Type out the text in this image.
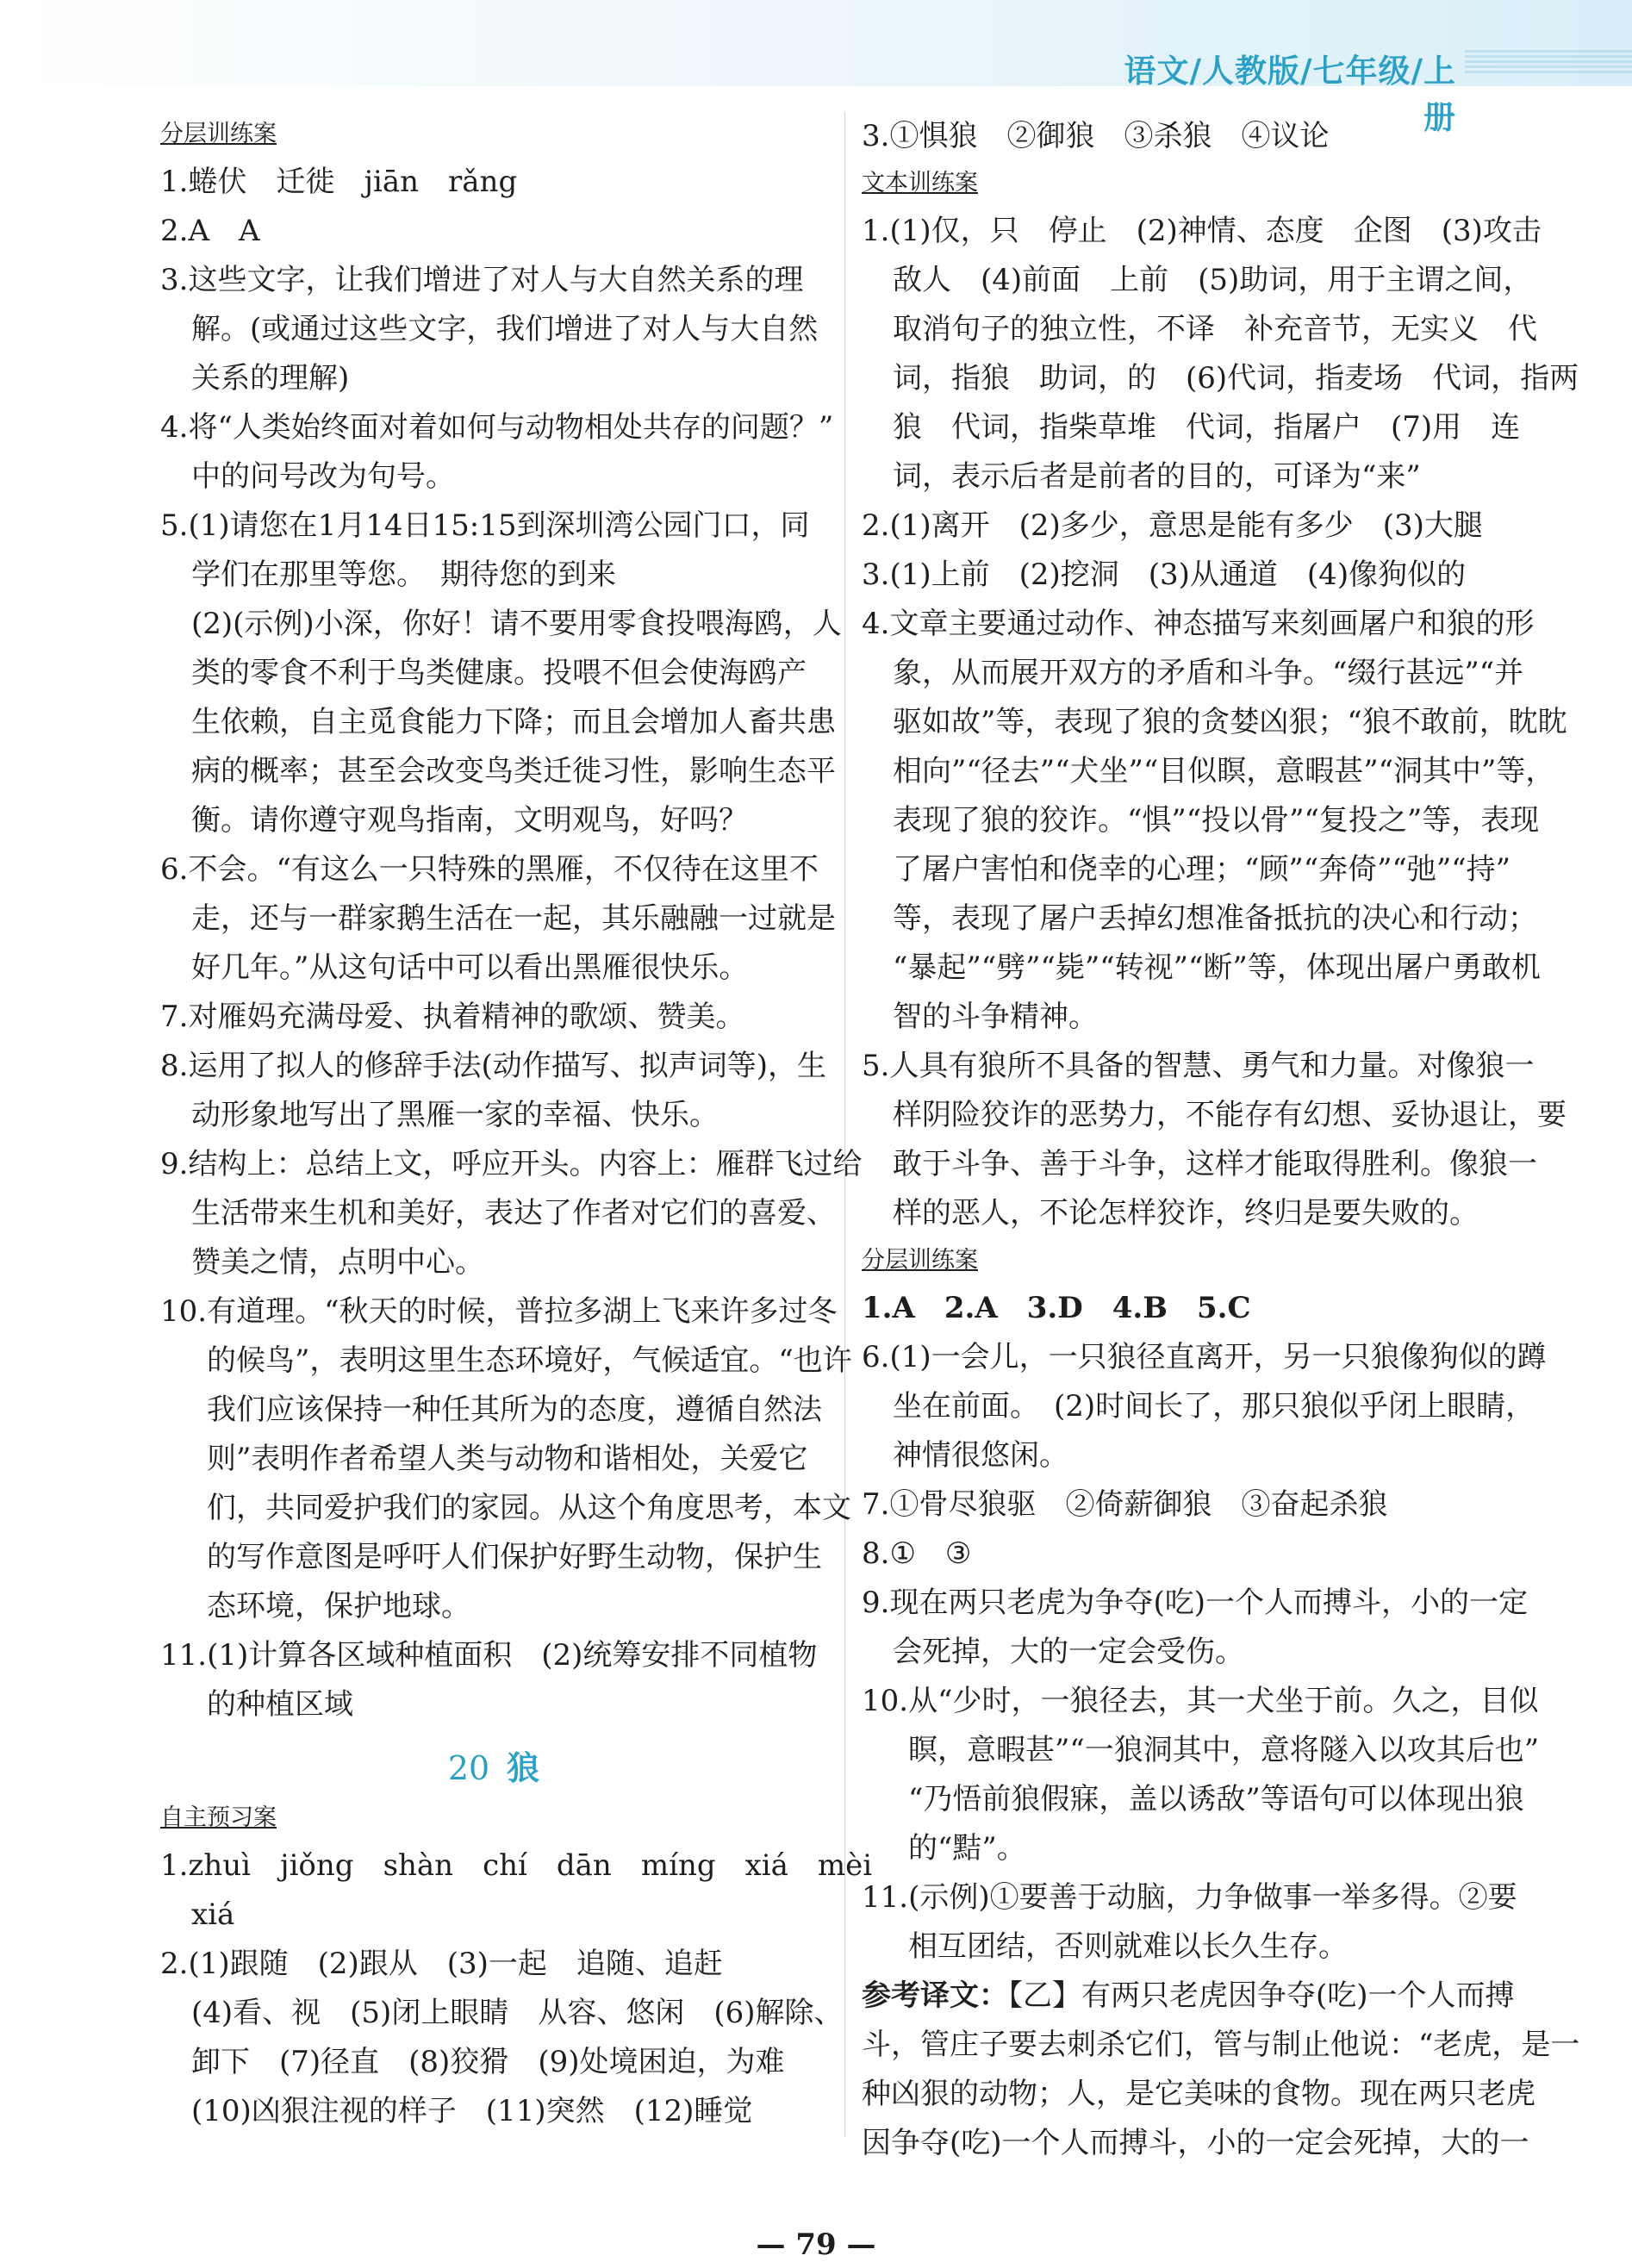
语文/人教版/七年级/上册
分层训练案
1.蜷伏　迁徙　jiān　rǎng
2.A　A
3.这些文字，让我们增进了对人与大自然关系的理
解。(或通过这些文字，我们增进了对人与大自然
关系的理解)
4.将“人类始终面对着如何与动物相处共存的问题？”
中的问号改为句号。
5.(1)请您在1月14日15:15到深圳湾公园门口，同
学们在那里等您。　期待您的到来
(2)(示例)小深，你好！请不要用零食投喂海鸥，人
类的零食不利于鸟类健康。投喂不但会使海鸥产
生依赖，自主觅食能力下降；而且会增加人畜共患
病的概率；甚至会改变鸟类迁徙习性，影响生态平
衡。请你遵守观鸟指南，文明观鸟，好吗？
6.不会。“有这么一只特殊的黑雁，不仅待在这里不
走，还与一群家鹅生活在一起，其乐融融一过就是
好几年。”从这句话中可以看出黑雁很快乐。
7.对雁妈充满母爱、执着精神的歌颂、赞美。
8.运用了拟人的修辞手法(动作描写、拟声词等)，生
动形象地写出了黑雁一家的幸福、快乐。
9.结构上：总结上文，呼应开头。内容上：雁群飞过给
生活带来生机和美好，表达了作者对它们的喜爱、
赞美之情，点明中心。
10.有道理。“秋天的时候，普拉多湖上飞来许多过冬
的候鸟”，表明这里生态环境好，气候适宜。“也许
我们应该保持一种任其所为的态度，遵循自然法
则”表明作者希望人类与动物和谐相处，关爱它
们，共同爱护我们的家园。从这个角度思考，本文
的写作意图是呼吁人们保护好野生动物，保护生
态环境，保护地球。
11.(1)计算各区域种植面积　(2)统筹安排不同植物
的种植区域
20 狼
自主预习案
1.zhuì　jiǒng　shàn　chí　dān　míng　xiá　mèi
xiá
2.(1)跟随　(2)跟从　(3)一起　追随、追赶
(4)看、视　(5)闭上眼睛　从容、悠闲　(6)解除、
卸下　(7)径直　(8)狡猾　(9)处境困迫，为难
(10)凶狠注视的样子　(11)突然　(12)睡觉
3.①惧狼　②御狼　③杀狼　④议论
文本训练案
1.(1)仅，只　停止　(2)神情、态度　企图　(3)攻击
敌人　(4)前面　上前　(5)助词，用于主谓之间，
取消句子的独立性，不译　补充音节，无实义　代
词，指狼　助词，的　(6)代词，指麦场　代词，指两
狼　代词，指柴草堆　代词，指屠户　(7)用　连
词，表示后者是前者的目的，可译为“来”
2.(1)离开　(2)多少，意思是能有多少　(3)大腿
3.(1)上前　(2)挖洞　(3)从通道　(4)像狗似的
4.文章主要通过动作、神态描写来刻画屠户和狼的形
象，从而展开双方的矛盾和斗争。“缀行甚远”“并
驱如故”等，表现了狼的贪婪凶狠；“狼不敢前，眈眈
相向”“径去”“犬坐”“目似瞑，意暇甚”“洞其中”等，
表现了狼的狡诈。“惧”“投以骨”“复投之”等，表现
了屠户害怕和侥幸的心理；“顾”“奔倚”“弛”“持”
等，表现了屠户丢掉幻想准备抵抗的决心和行动；
“暴起”“劈”“毙”“转视”“断”等，体现出屠户勇敢机
智的斗争精神。
5.人具有狼所不具备的智慧、勇气和力量。对像狼一
样阴险狡诈的恶势力，不能存有幻想、妥协退让，要
敢于斗争、善于斗争，这样才能取得胜利。像狼一
样的恶人，不论怎样狡诈，终归是要失败的。
分层训练案
1.A　2.A　3.D　4.B　5.C
6.(1)一会儿，一只狼径直离开，另一只狼像狗似的蹲
坐在前面。　(2)时间长了，那只狼似乎闭上眼睛，
神情很悠闲。
7.①骨尽狼驱　②倚薪御狼　③奋起杀狼
8.①　③
9.现在两只老虎为争夺(吃)一个人而搏斗，小的一定
会死掉，大的一定会受伤。
10.从“少时，一狼径去，其一犬坐于前。久之，目似
瞑，意暇甚”“一狼洞其中，意将隧入以攻其后也”
“乃悟前狼假寐，盖以诱敌”等语句可以体现出狼
的“黠”。
11.(示例)①要善于动脑，力争做事一举多得。②要
相互团结，否则就难以长久生存。
参考译文：【乙】有两只老虎因争夺(吃)一个人而搏
斗，管庄子要去刺杀它们，管与制止他说：“老虎，是一
种凶狠的动物；人，是它美味的食物。现在两只老虎
因争夺(吃)一个人而搏斗，小的一定会死掉，大的一
— 79 —
